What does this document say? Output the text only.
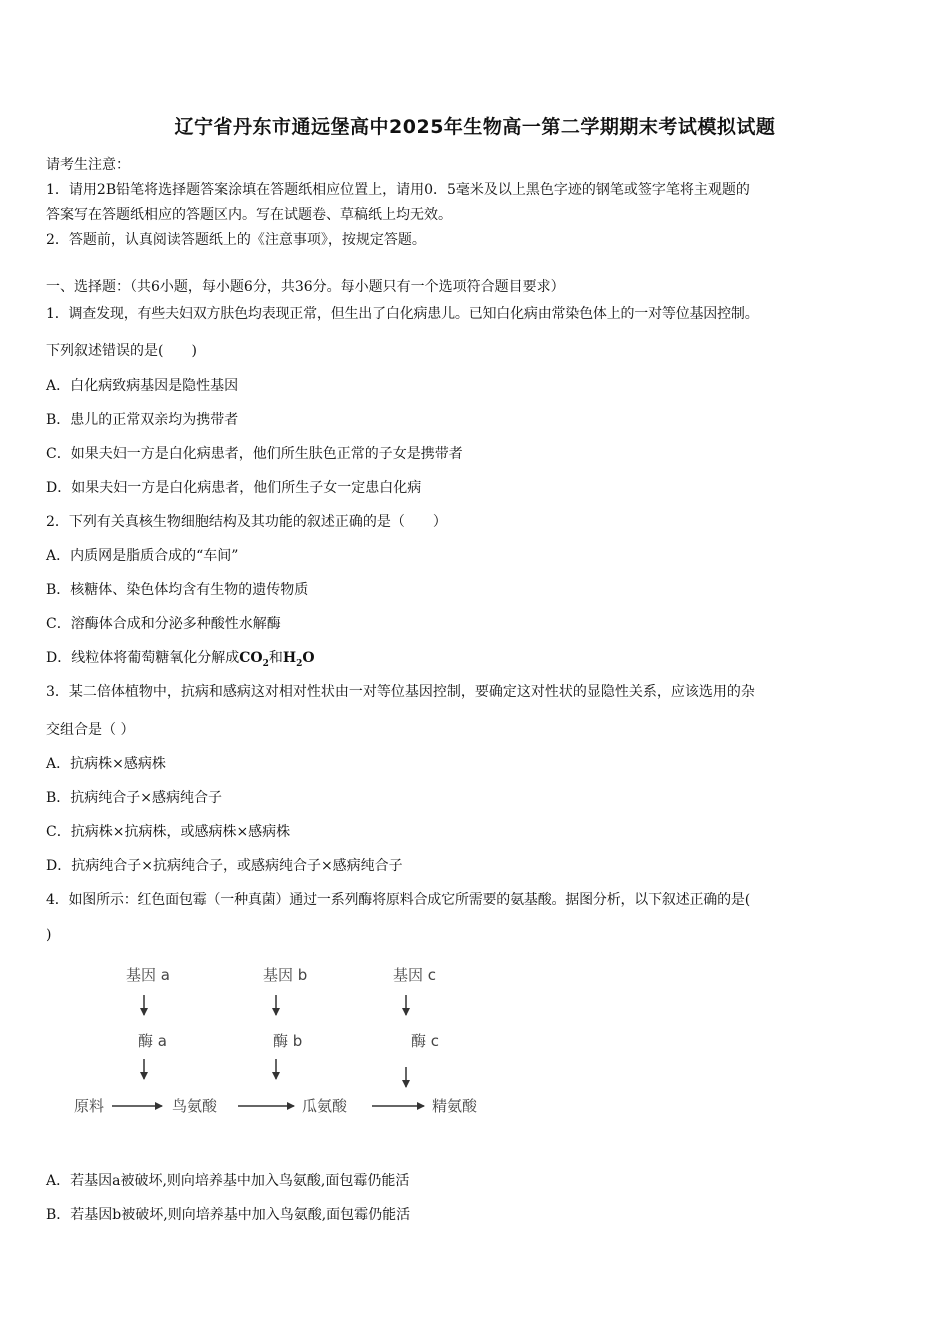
辽宁省丹东市通远堡高中2025年生物高一第二学期期末考试模拟试题
请考生注意：
1．请用2B铅笔将选择题答案涂填在答题纸相应位置上，请用0．5毫米及以上黑色字迹的钢笔或签字笔将主观题的
答案写在答题纸相应的答题区内。写在试题卷、草稿纸上均无效。
2．答题前，认真阅读答题纸上的《注意事项》，按规定答题。
一、选择题：（共6小题，每小题6分，共36分。每小题只有一个选项符合题目要求）
1．调查发现，有些夫妇双方肤色均表现正常，但生出了白化病患儿。已知白化病由常染色体上的一对等位基因控制。
下列叙述错误的是(　　)
A．白化病致病基因是隐性基因
B．患儿的正常双亲均为携带者
C．如果夫妇一方是白化病患者，他们所生肤色正常的子女是携带者
D．如果夫妇一方是白化病患者，他们所生子女一定患白化病
2．下列有关真核生物细胞结构及其功能的叙述正确的是（　　）
A．内质网是脂质合成的“车间”
B．核糖体、染色体均含有生物的遗传物质
C．溶酶体合成和分泌多种酸性水解酶
D．线粒体将葡萄糖氧化分解成$CO_2$和$H_2O$
3．某二倍体植物中，抗病和感病这对相对性状由一对等位基因控制，要确定这对性状的显隐性关系，应该选用的杂
交组合是（ ）
A．抗病株×感病株
B．抗病纯合子×感病纯合子
C．抗病株×抗病株，或感病株×感病株
D．抗病纯合子×抗病纯合子，或感病纯合子×感病纯合子
4．如图所示：红色面包霉（一种真菌）通过一系列酶将原料合成它所需要的氨基酸。据图分析，以下叙述正确的是(
)
基因 a	基因 b	基因 c
酶 a	酶 b	酶 c
原料	鸟氨酸	瓜氨酸	精氨酸
A．若基因a被破坏,则向培养基中加入鸟氨酸,面包霉仍能活
B．若基因b被破坏,则向培养基中加入鸟氨酸,面包霉仍能活
